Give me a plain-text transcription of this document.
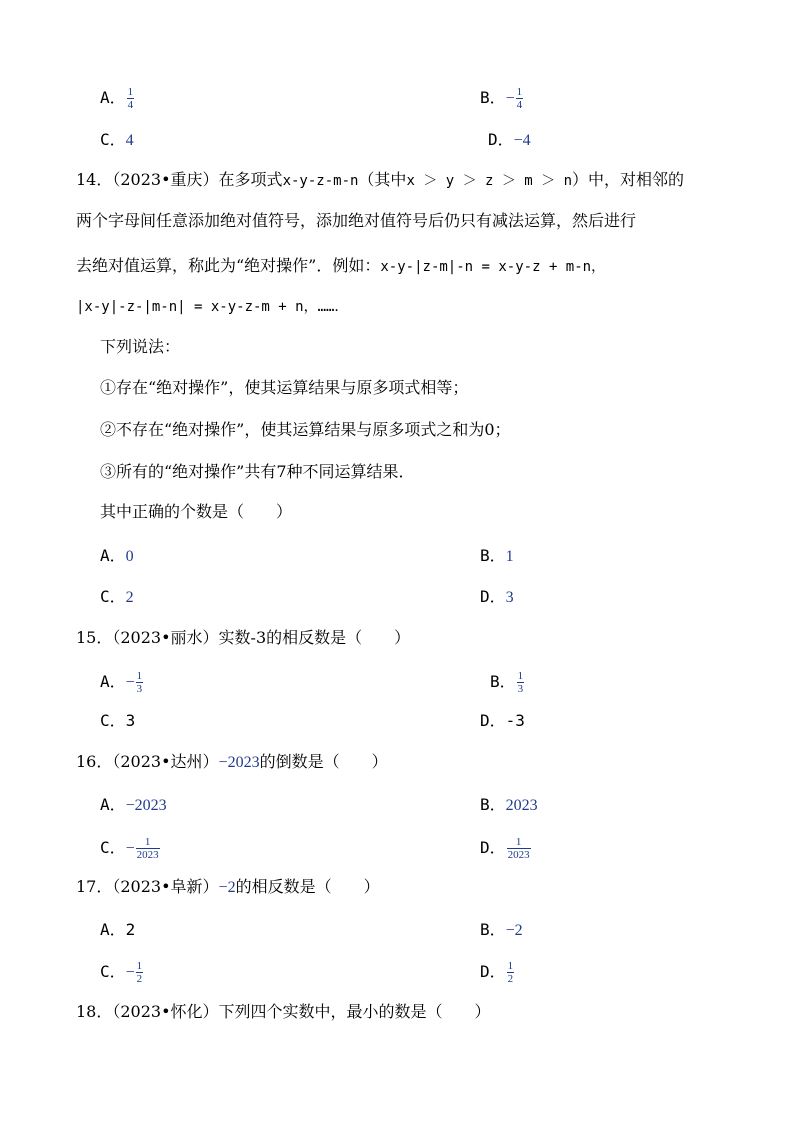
A． $\frac{1}{4}$	B．− $\frac{1}{4}$
C．4	D．−4
14．（2023•重庆）在多项式x-y-z-m-n（其中x ＞ y ＞ z ＞ m ＞ n）中，对相邻的
两个字母间任意添加绝对值符号，添加绝对值符号后仍只有减法运算，然后进行
去绝对值运算，称此为“绝对操作”．例如：x-y-|z-m|-n = x-y-z + m-n，
|x-y|-z-|m-n| = x-y-z-m + n，……．
下列说法：
①存在“绝对操作”，使其运算结果与原多项式相等；
②不存在“绝对操作”，使其运算结果与原多项式之和为0；
③所有的“绝对操作”共有7种不同运算结果．
其中正确的个数是（　　）
A．0	B．1
C．2	D．3
15．（2023•丽水）实数-3的相反数是（　　）
A．− $\frac{1}{3}$	B． $\frac{1}{3}$
C．3	D．-3
16．（2023•达州）−2023的倒数是（　　）
A．−2023	B．2023
C．− $\frac{1}{2023}$	D． $\frac{1}{2023}$
17．（2023•阜新）−2的相反数是（　　）
A．2	B．−2
C．− $\frac{1}{2}$	D． $\frac{1}{2}$
18．（2023•怀化）下列四个实数中，最小的数是（　　）
